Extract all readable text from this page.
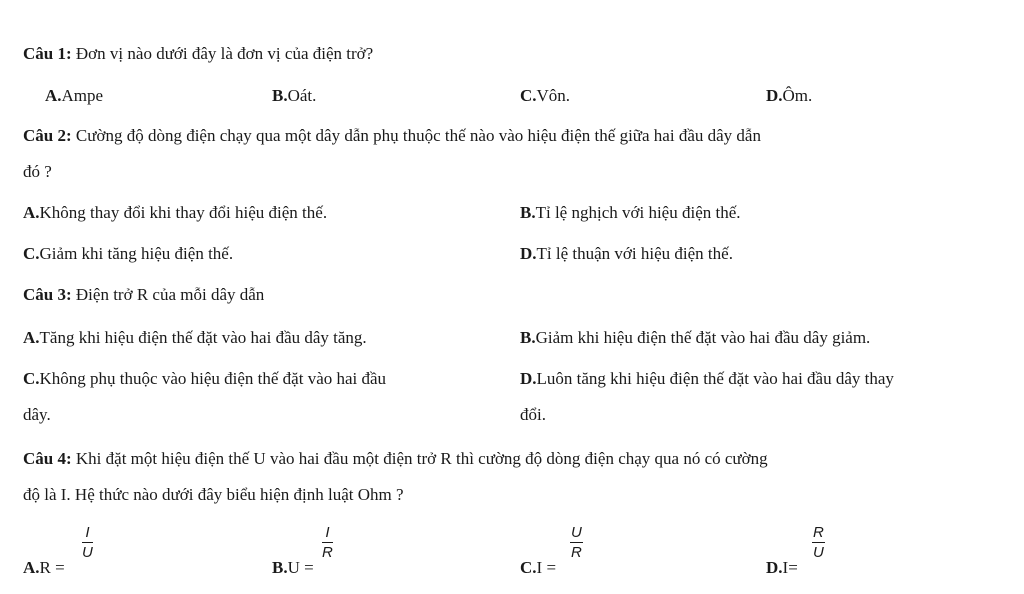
Câu 1: Đơn vị nào dưới đây là đơn vị của điện trở?
A.Ampe	B.Oát.	C.Vôn.	D.Ôm.
Câu 2: Cường độ dòng điện chạy qua một dây dẫn phụ thuộc thế nào vào hiệu điện thế giữa hai đầu dây dẫn
đó ?
A.Không thay đổi khi thay đổi hiệu điện thế.	B.Tỉ lệ nghịch với hiệu điện thế.
C.Giảm khi tăng hiệu điện thế.	D.Tỉ lệ thuận với hiệu điện thế.
Câu 3: Điện trở R của mỗi dây dẫn
A.Tăng khi hiệu điện thế đặt vào hai đầu dây tăng.	B.Giảm khi hiệu điện thế đặt vào hai đầu dây giảm.
C.Không phụ thuộc vào hiệu điện thế đặt vào hai đầu
dây.
D.Luôn tăng khi hiệu điện thế đặt vào hai đầu dây thay
đổi.
Câu 4: Khi đặt một hiệu điện thế U vào hai đầu một điện trở R thì cường độ dòng điện chạy qua nó có cường
độ là I. Hệ thức nào dưới đây biểu hiện định luật Ohm ?
A.R =
$\frac{I}{U}$
B.U =
$\frac{I}{R}$
C.I =
$\frac{U}{R}$
D.I=
$\frac{R}{U}$
